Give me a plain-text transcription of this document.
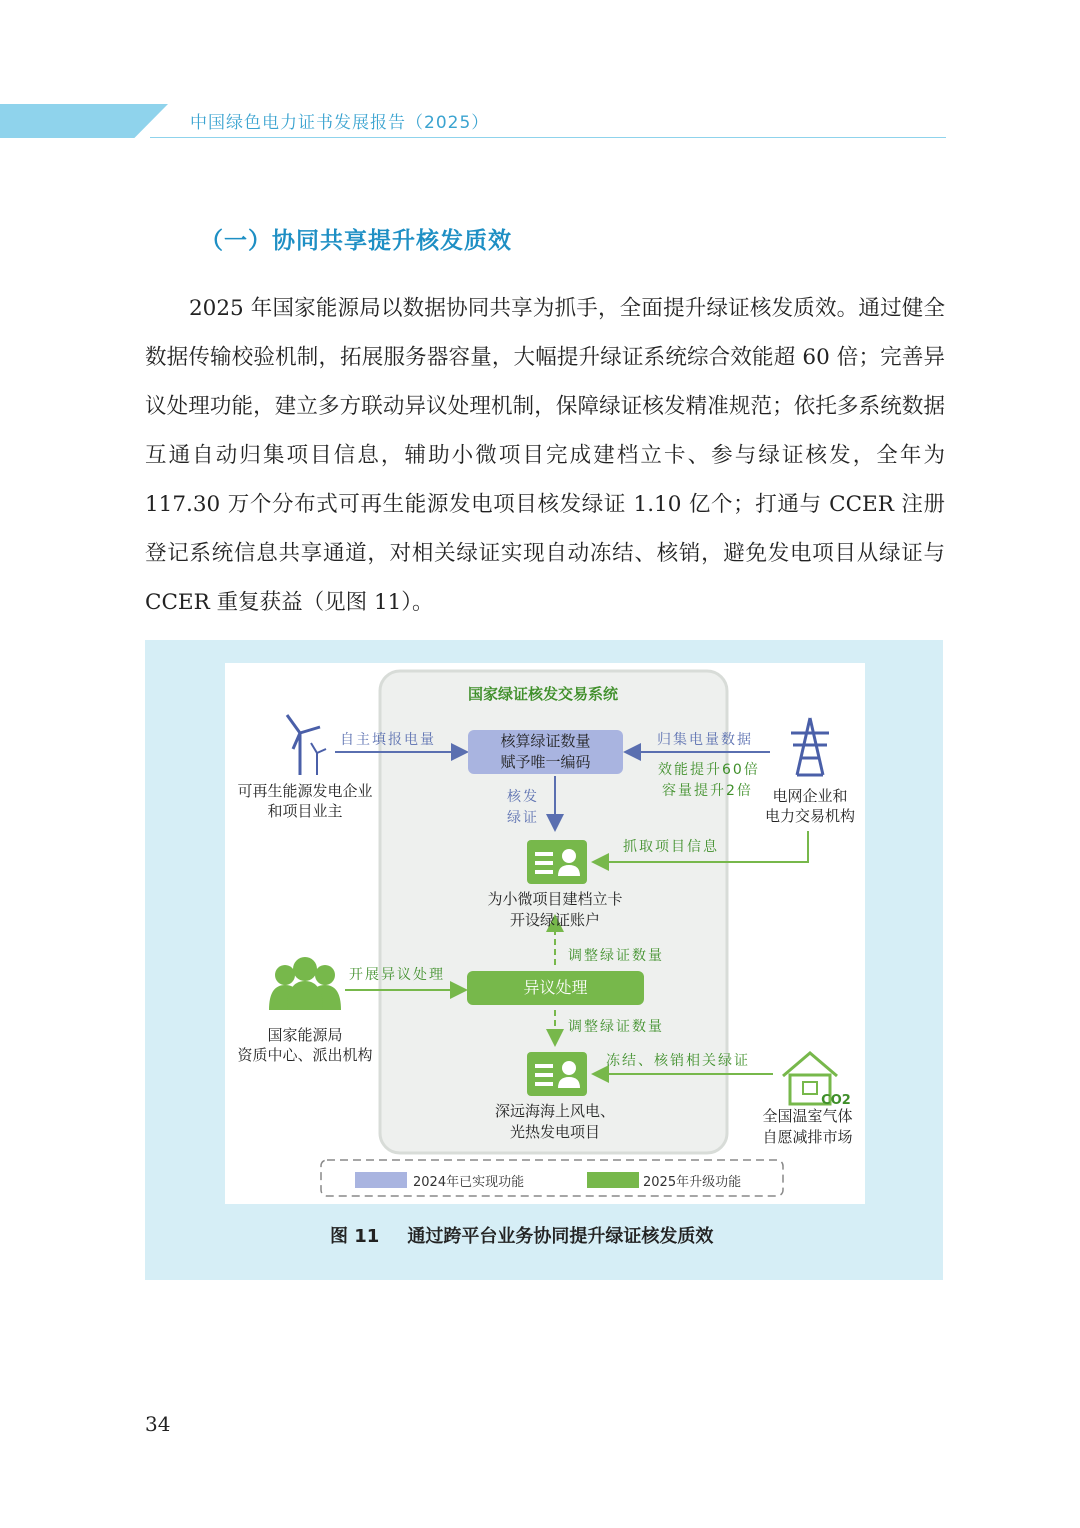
中国绿色电力证书发展报告（2025）
（一）协同共享提升核发质效

2025 年国家能源局以数据协同共享为抓手，全面提升绿证核发质效。通过健全数据传输校验机制，拓展服务器容量，大幅提升绿证系统综合效能超 60 倍；完善异议处理功能，建立多方联动异议处理机制，保障绿证核发精准规范；依托多系统数据互通自动归集项目信息，辅助小微项目完成建档立卡、参与绿证核发，全年为 117.30 万个分布式可再生能源发电项目核发绿证 1.10 亿个；打通与 CCER 注册登记系统信息共享通道，对相关绿证实现自动冻结、核销，避免发电项目从绿证与 CCER 重复获益（见图 11）。

国家绿证核发交易系统
核算绿证数量
赋予唯一编码
自主填报电量	归集电量数据
效能提升60倍
容量提升2倍
核发
绿证
可再生能源发电企业
和项目业主
电网企业和
电力交易机构
抓取项目信息
为小微项目建档立卡
开设绿证账户
调整绿证数量
异议处理
开展异议处理
国家能源局
资质中心、派出机构
调整绿证数量
深远海海上风电、
光热发电项目
冻结、核销相关绿证
CO2
全国温室气体
自愿减排市场
2024年已实现功能	2025年升级功能
图 11 通过跨平台业务协同提升绿证核发质效
34
